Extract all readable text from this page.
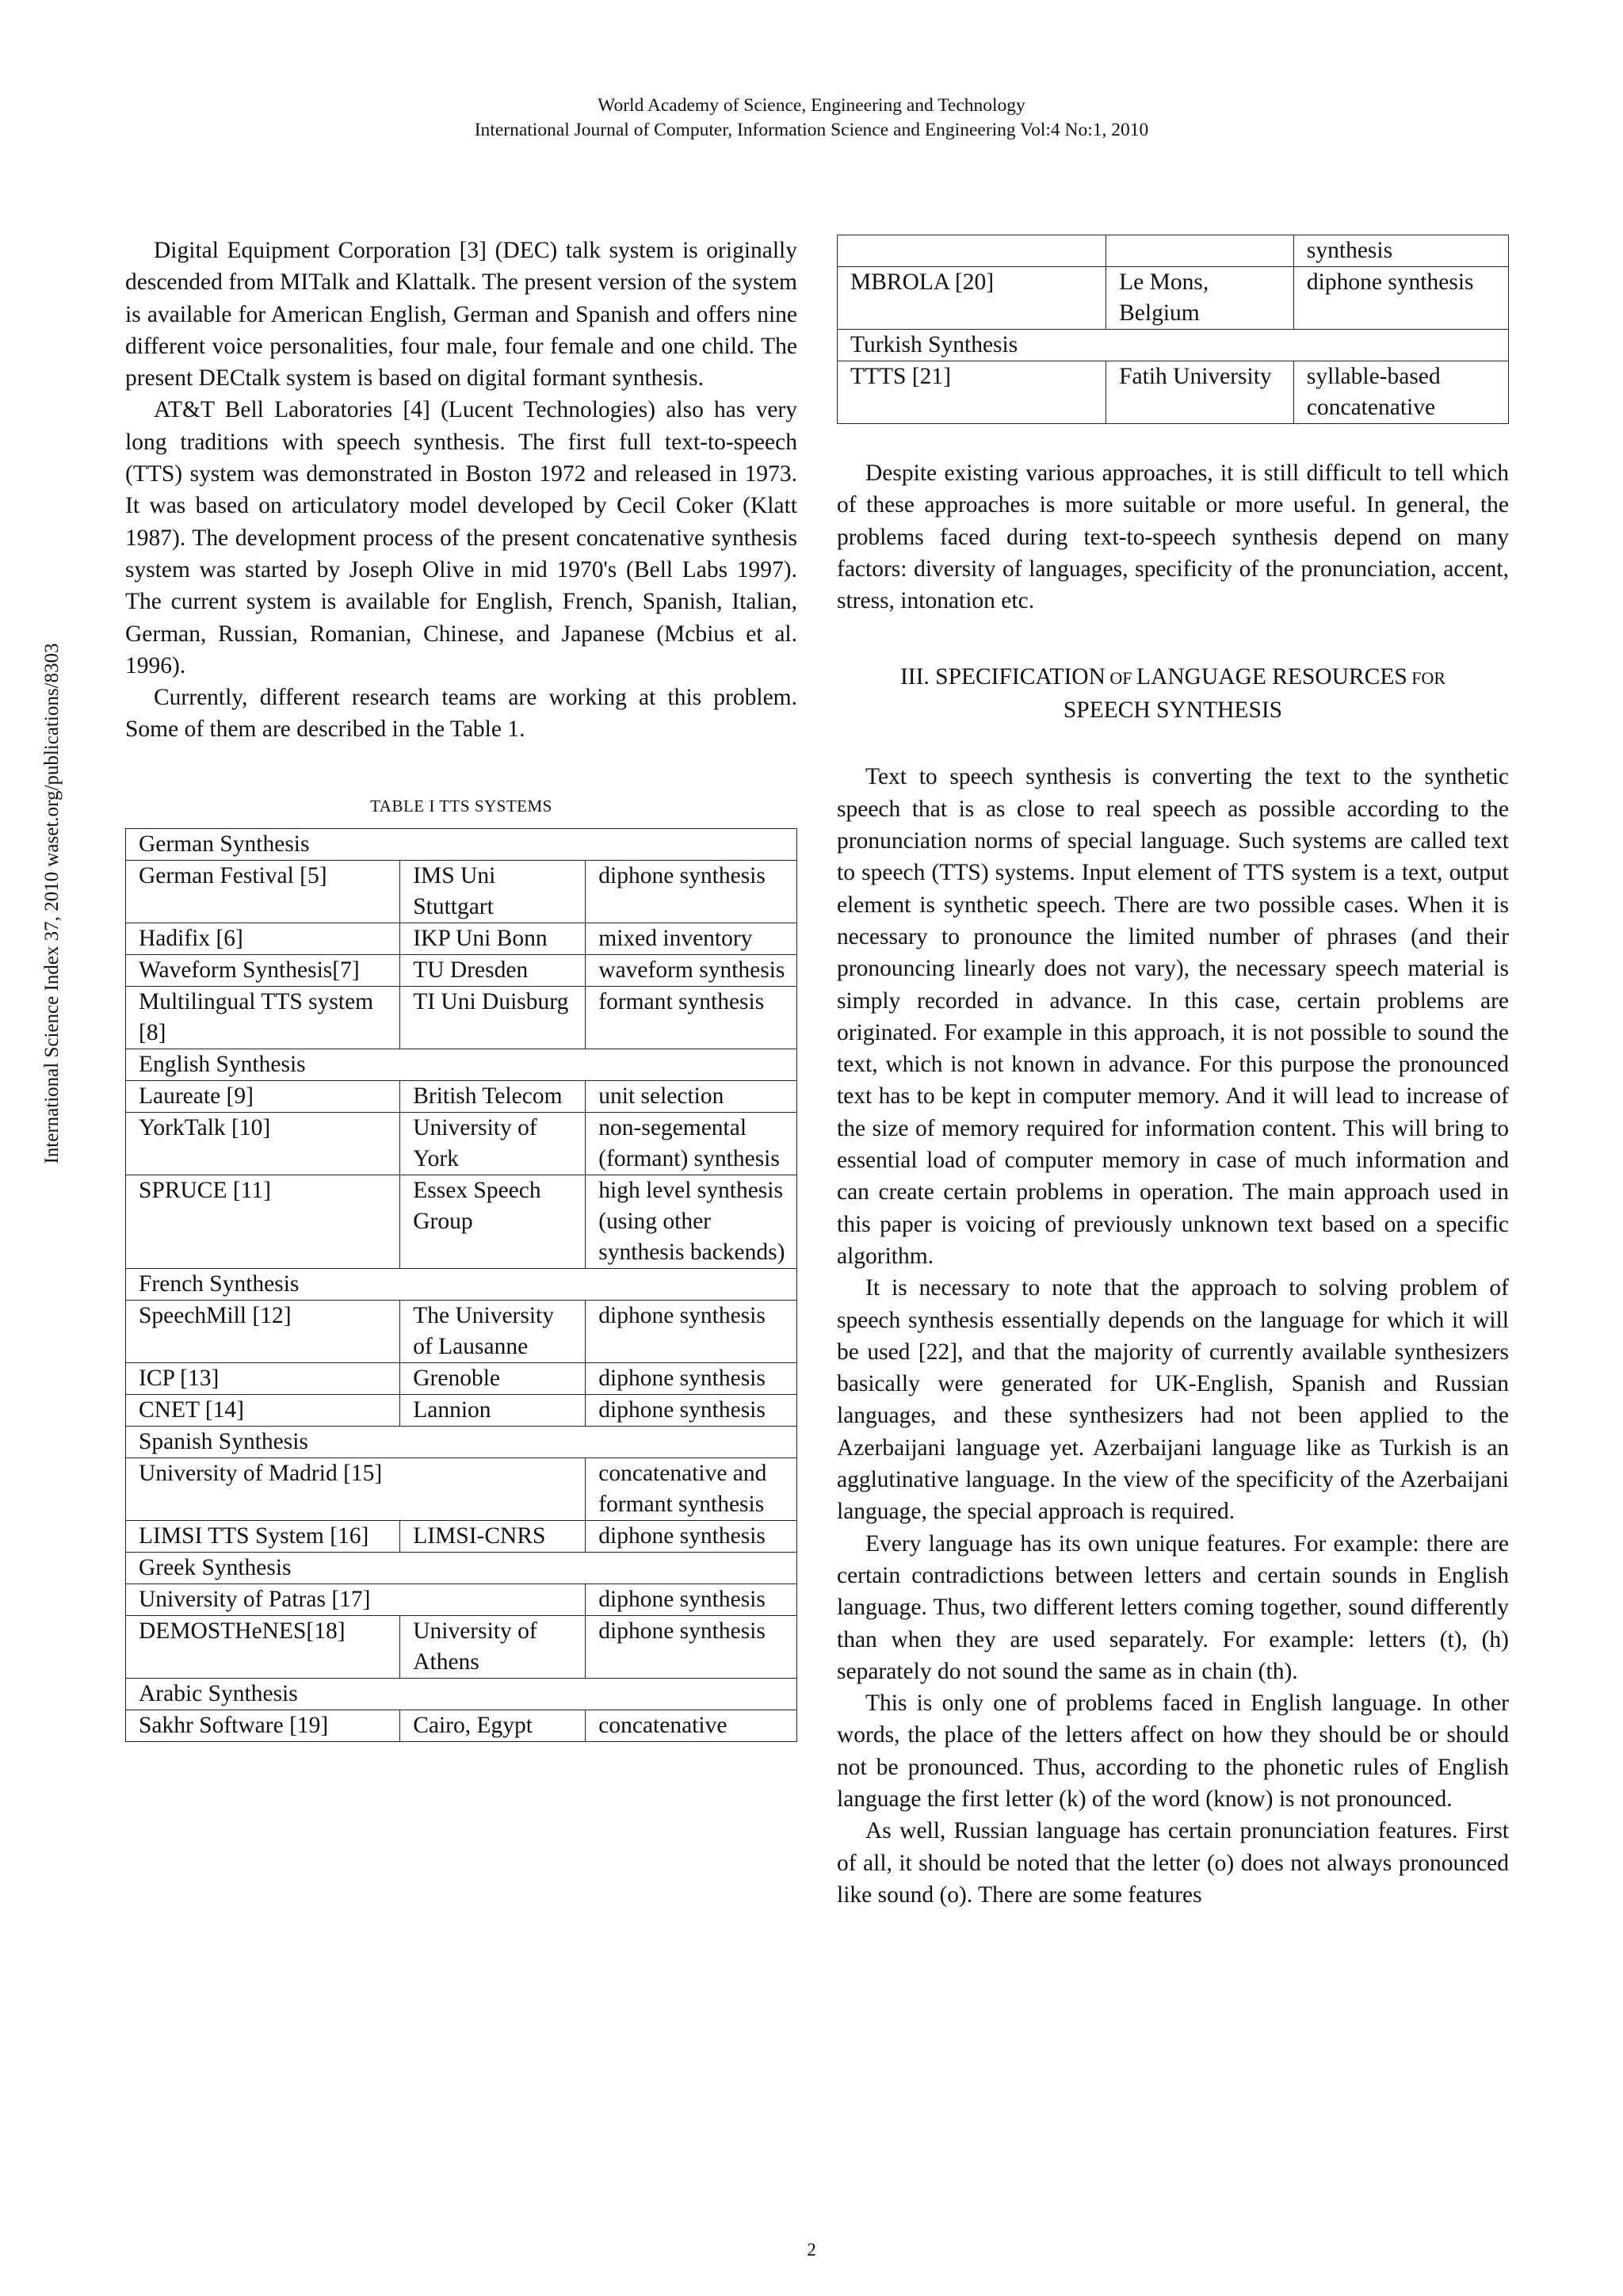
World Academy of Science, Engineering and Technology
International Journal of Computer, Information Science and Engineering Vol:4 No:1, 2010
International Science Index 37, 2010 waset.org/publications/8303

Digital Equipment Corporation [3] (DEC) talk system is originally descended from MITalk and Klattalk. The present version of the system is available for American English, German and Spanish and offers nine different voice personalities, four male, four female and one child. The present DECtalk system is based on digital formant synthesis.

AT&T Bell Laboratories [4] (Lucent Technologies) also has very long traditions with speech synthesis. The first full text-to-speech (TTS) system was demonstrated in Boston 1972 and released in 1973. It was based on articulatory model developed by Cecil Coker (Klatt 1987). The development process of the present concatenative synthesis system was started by Joseph Olive in mid 1970's (Bell Labs 1997). The current system is available for English, French, Spanish, Italian, German, Russian, Romanian, Chinese, and Japanese (Mcbius et al. 1996).

Currently, different research teams are working at this problem. Some of them are described in the Table 1.

TABLE I TTS SYSTEMS
German Synthesis		
German Festival [5]	IMS Uni Stuttgart	diphone synthesis
Hadifix [6]	IKP Uni Bonn	mixed inventory
Waveform Synthesis[7]	TU Dresden	waveform synthesis
Multilingual TTS system [8]	TI Uni Duisburg	formant synthesis
English Synthesis		
Laureate [9]	British Telecom	unit selection
YorkTalk [10]	University of York	non-segemental (formant) synthesis
SPRUCE [11]	Essex Speech Group	high level synthesis (using other synthesis backends)
French Synthesis		
SpeechMill [12]	The University of Lausanne	diphone synthesis
ICP [13]	Grenoble	diphone synthesis
CNET [14]	Lannion	diphone synthesis
Spanish Synthesis		
University of Madrid [15]		concatenative and formant synthesis
LIMSI TTS System [16]	LIMSI-CNRS	diphone synthesis
Greek Synthesis		
University of Patras [17]		diphone synthesis
DEMOSTHeNES[18]	University of Athens	diphone synthesis
Arabic Synthesis		
Sakhr Software [19]	Cairo, Egypt	concatenative
		synthesis
MBROLA [20]	Le Mons, Belgium	diphone synthesis
Turkish Synthesis		
TTTS [21]	Fatih University	syllable-based concatenative

Despite existing various approaches, it is still difficult to tell which of these approaches is more suitable or more useful. In general, the problems faced during text-to-speech synthesis depend on many factors: diversity of languages, specificity of the pronunciation, accent, stress, intonation etc.

III. SPECIFICATION OF LANGUAGE RESOURCES FOR
SPEECH SYNTHESIS

Text to speech synthesis is converting the text to the synthetic speech that is as close to real speech as possible according to the pronunciation norms of special language. Such systems are called text to speech (TTS) systems. Input element of TTS system is a text, output element is synthetic speech. There are two possible cases. When it is necessary to pronounce the limited number of phrases (and their pronouncing linearly does not vary), the necessary speech material is simply recorded in advance. In this case, certain problems are originated. For example in this approach, it is not possible to sound the text, which is not known in advance. For this purpose the pronounced text has to be kept in computer memory. And it will lead to increase of the size of memory required for information content. This will bring to essential load of computer memory in case of much information and can create certain problems in operation. The main approach used in this paper is voicing of previously unknown text based on a specific algorithm.

It is necessary to note that the approach to solving problem of speech synthesis essentially depends on the language for which it will be used [22], and that the majority of currently available synthesizers basically were generated for UK-English, Spanish and Russian languages, and these synthesizers had not been applied to the Azerbaijani language yet. Azerbaijani language like as Turkish is an agglutinative language. In the view of the specificity of the Azerbaijani language, the special approach is required.

Every language has its own unique features. For example: there are certain contradictions between letters and certain sounds in English language. Thus, two different letters coming together, sound differently than when they are used separately. For example: letters (t), (h) separately do not sound the same as in chain (th).

This is only one of problems faced in English language. In other words, the place of the letters affect on how they should be or should not be pronounced. Thus, according to the phonetic rules of English language the first letter (k) of the word (know) is not pronounced.

As well, Russian language has certain pronunciation features. First of all, it should be noted that the letter (o) does not always pronounced like sound (o). There are some features

2
